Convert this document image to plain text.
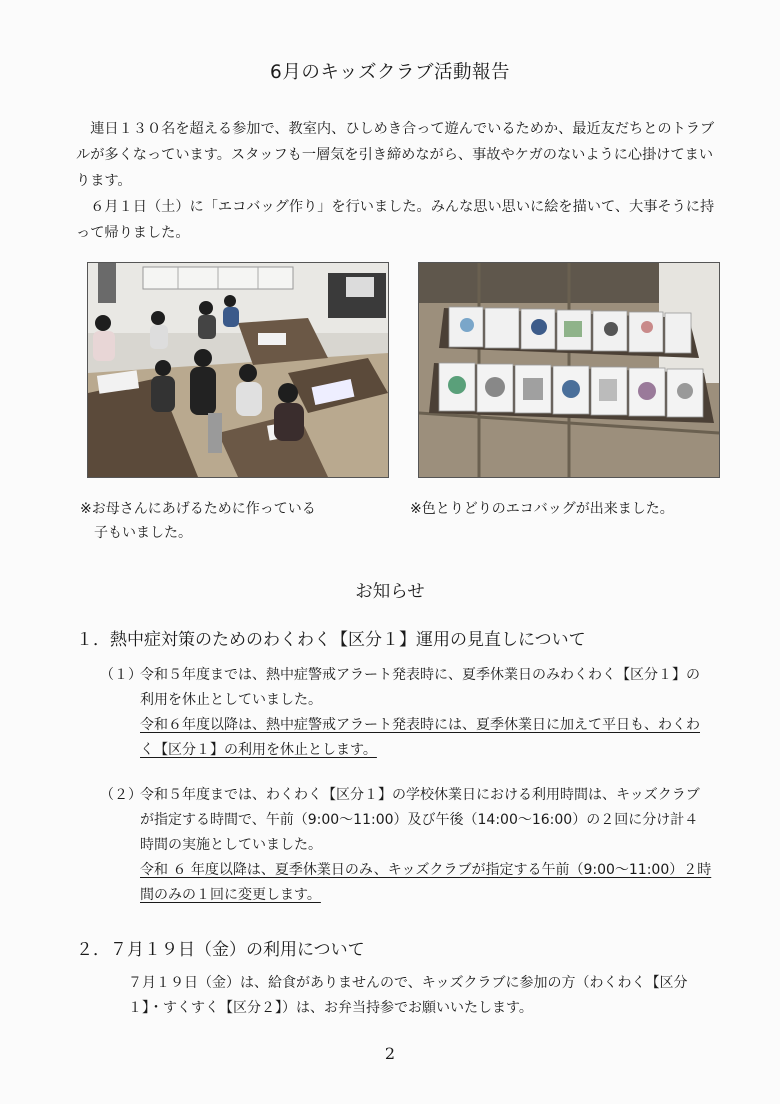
6月のキッズクラブ活動報告

　連日１３０名を超える参加で、教室内、ひしめき合って遊んでいるためか、最近友だちとのトラブルが多くなっています。スタッフも一層気を引き締めながら、事故やケガのないように心掛けてまいります。

　６月１日（土）に「エコバッグ作り」を行いました。みんな思い思いに絵を描いて、大事そうに持って帰りました。

※お母さんにあげるために作っている
子もいました。
※色とりどりのエコバッグが出来ました。
お知らせ
１．熱中症対策のためのわくわく【区分１】運用の見直しについて
（１）
令和５年度までは、熱中症警戒アラート発表時に、夏季休業日のみわくわく【区分１】の利用を休止としていました。
令和６年度以降は、熱中症警戒アラート発表時には、夏季休業日に加えて平日も、わくわく【区分１】の利用を休止とします。
（２）
令和５年度までは、わくわく【区分１】の学校休業日における利用時間は、キッズクラブが指定する時間で、午前（9:00～11:00）及び午後（14:00～16:00）の２回に分け計４時間の実施としていました。
令和 ６ 年度以降は、夏季休業日のみ、キッズクラブが指定する午前（9:00～11:00）２時間のみの１回に変更します。
２．７月１９日（金）の利用について
７月１９日（金）は、給食がありませんので、キッズクラブに参加の方（わくわく【区分１】・すくすく【区分２】）は、お弁当持参でお願いいたします。
2
